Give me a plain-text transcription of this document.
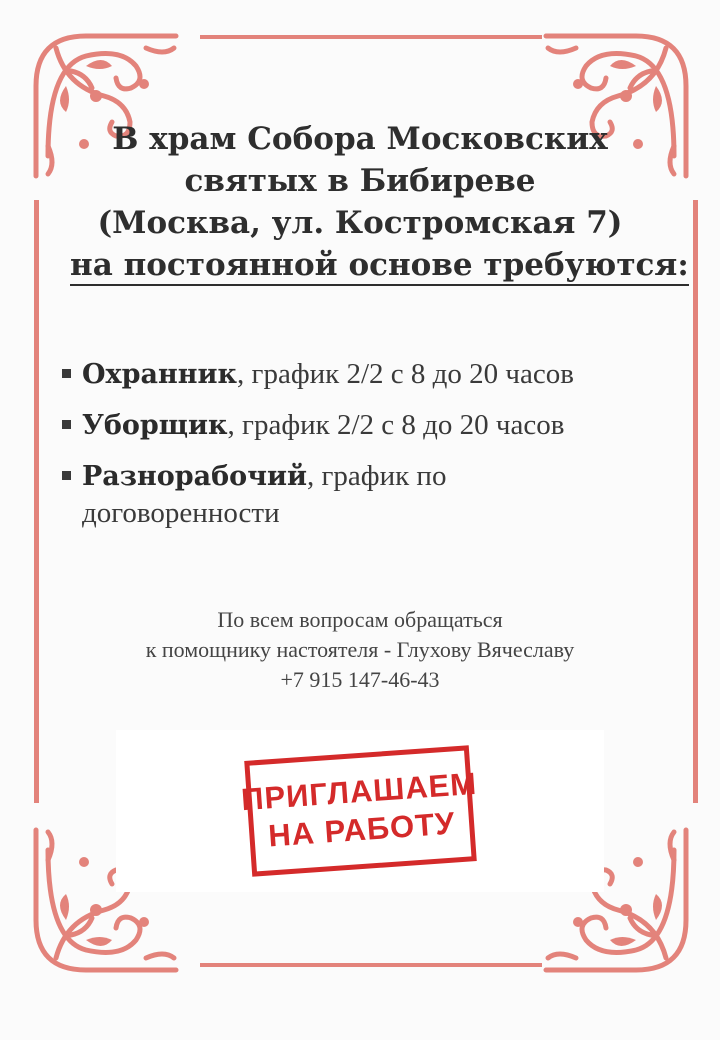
В храм Собора Московских
святых в Бибиреве
(Москва, ул. Костромская 7)
на постоянной основе требуются:
Охранник, график 2/2 с 8 до 20 часов
Уборщик, график 2/2 с 8 до 20 часов
Разнорабочий, график по
договоренности
По всем вопросам обращаться
к помощнику настоятеля - Глухову Вячеславу
+7 915 147-46-43
ПРИГЛАШАЕМ
НА РАБОТУ
